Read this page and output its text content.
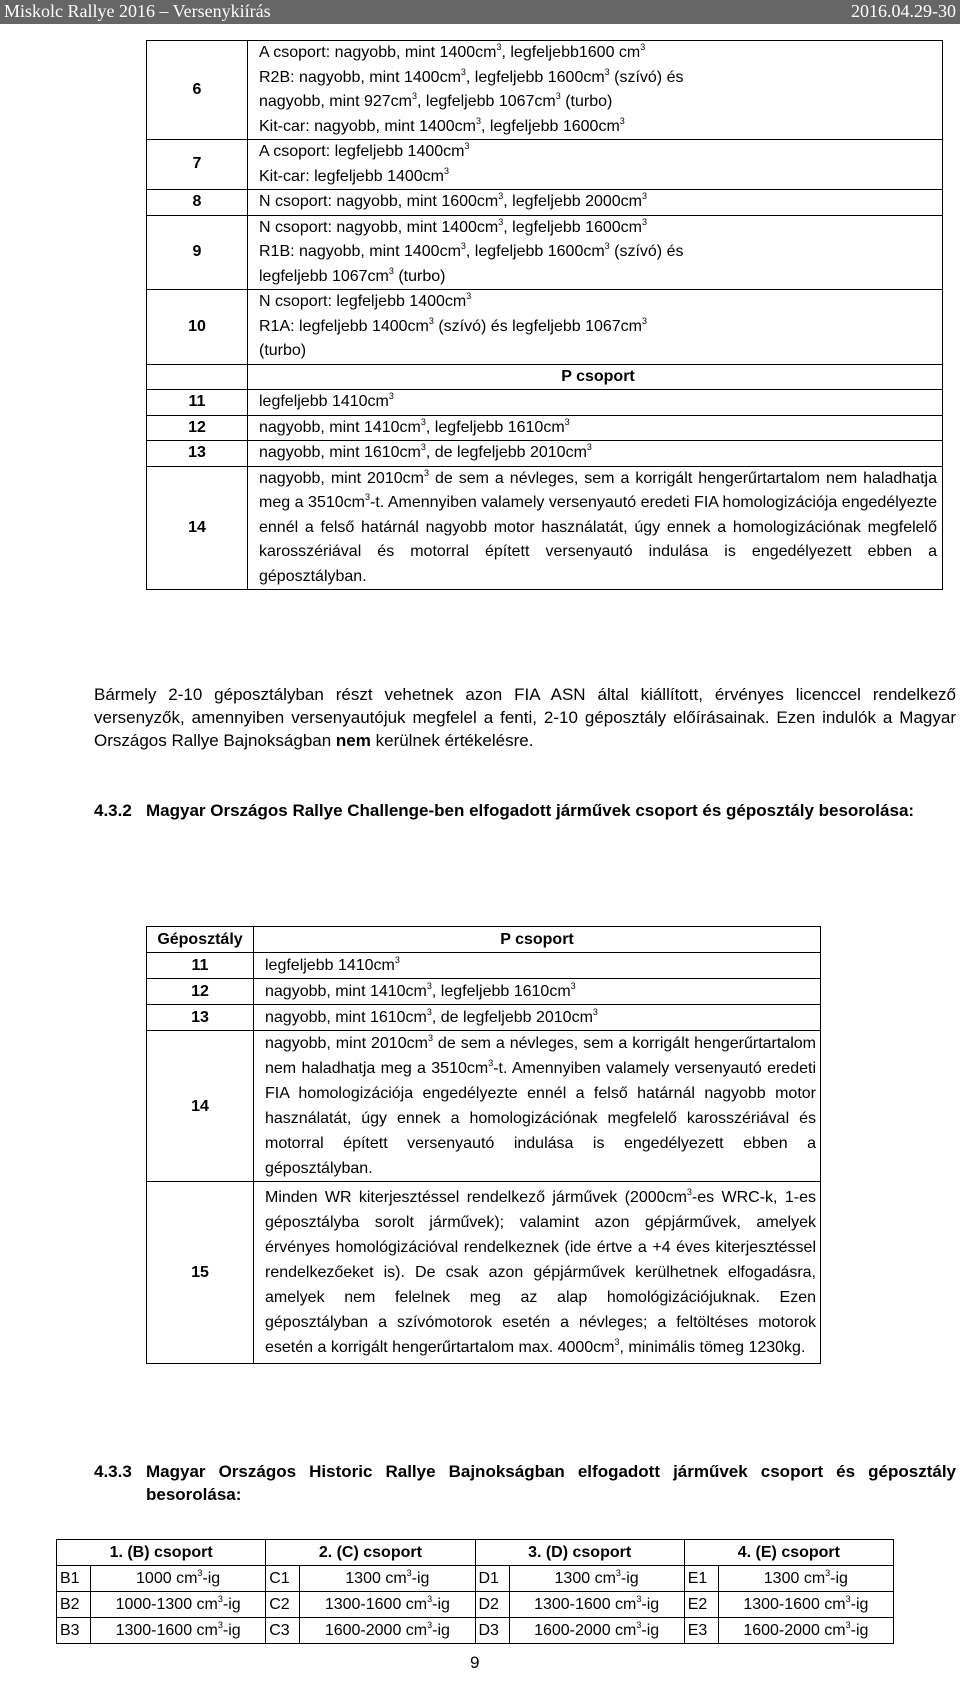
Miskolc Rallye 2016 – Versenykiírás	2016.04.29-30
6	A csoport: nagyobb, mint $1400cm^3$, legfeljebb1600 $cm^3$
R2B: nagyobb, mint $1400cm^3$, legfeljebb $1600cm^3$ (szívó) és
nagyobb, mint $927cm^3$, legfeljebb $1067cm^3$ (turbo)
Kit-car: nagyobb, mint $1400cm^3$, legfeljebb $1600cm^3$

7	A csoport: legfeljebb $1400cm^3$
Kit-car: legfeljebb $1400cm^3$

8	N csoport: nagyobb, mint $1600cm^3$, legfeljebb $2000cm^3$

9	N csoport: nagyobb, mint $1400cm^3$, legfeljebb $1600cm^3$
R1B: nagyobb, mint $1400cm^3$, legfeljebb $1600cm^3$ (szívó) és
legfeljebb $1067cm^3$ (turbo)

10	N csoport: legfeljebb $1400cm^3$
R1A: legfeljebb $1400cm^3$ (szívó) és legfeljebb $1067cm^3$
(turbo)

	P csoport
11	legfeljebb $1410cm^3$

12	nagyobb, mint $1410cm^3$, legfeljebb $1610cm^3$

13	nagyobb, mint $1610cm^3$, de legfeljebb $2010cm^3$

14	nagyobb, mint $2010cm^3$ de sem a névleges, sem a korrigált hengerűrtartalom nem haladhatja meg a $3510cm^3-t$. Amennyiben valamely versenyautó eredeti FIA homologizációja engedélyezte ennél a felső határnál nagyobb motor használatát, úgy ennek a homologizációnak megfelelő karosszériával és motorral épített versenyautó indulása is engedélyezett ebben a géposztályban.
Bármely 2-10 géposztályban részt vehetnek azon FIA ASN által kiállított, érvényes licenccel rendelkező versenyzők, amennyiben versenyautójuk megfelel a fenti, 2-10 géposztály előírásainak. Ezen indulók a Magyar Országos Rallye Bajnokságban nem kerülnek értékelésre.
4.3.2 Magyar Országos Rallye Challenge-ben elfogadott járművek csoport és géposztály besorolása:
Géposztály	P csoport
11	legfeljebb $1410cm^3$

12	nagyobb, mint $1410cm^3$, legfeljebb $1610cm^3$

13	nagyobb, mint $1610cm^3$, de legfeljebb $2010cm^3$

14	nagyobb, mint $2010cm^3$ de sem a névleges, sem a korrigált hengerűrtartalom nem haladhatja meg a $3510cm^3-t$. Amennyiben valamely versenyautó eredeti FIA homologizációja engedélyezte ennél a felső határnál nagyobb motor használatát, úgy ennek a homologizációnak megfelelő karosszériával és motorral épített versenyautó indulása is engedélyezett ebben a géposztályban.
15	Minden WR kiterjesztéssel rendelkező járművek ($2000cm^3-es$ WRC-k, 1-es géposztályba sorolt járművek); valamint azon gépjárművek, amelyek érvényes homológizációval rendelkeznek (ide értve a +4 éves kiterjesztéssel rendelkezőeket is). De csak azon gépjárművek kerülhetnek elfogadásra, amelyek nem felelnek meg az alap homológizációjuknak. Ezen géposztályban a szívómotorok esetén a névleges; a feltöltéses motorok esetén a korrigált hengerűrtartalom max. $4000cm^3$, minimális tömeg 1230kg.
4.3.3 Magyar Országos Historic Rallye Bajnokságban elfogadott járművek csoport és géposztály besorolása:
1. (B) csoport		2. (C) csoport		3. (D) csoport		4. (E) csoport	
B1	1000 $cm^3-ig$	C1	1300 $cm^3-ig$	D1	1300 $cm^3-ig$	E1	1300 $cm^3-ig$
B2	1000-1300 $cm^3-ig$	C2	1300-1600 $cm^3-ig$	D2	1300-1600 $cm^3-ig$	E2	1300-1600 $cm^3-ig$
B3	1300-1600 $cm^3-ig$	C3	1600-2000 $cm^3-ig$	D3	1600-2000 $cm^3-ig$	E3	1600-2000 $cm^3-ig$
9
